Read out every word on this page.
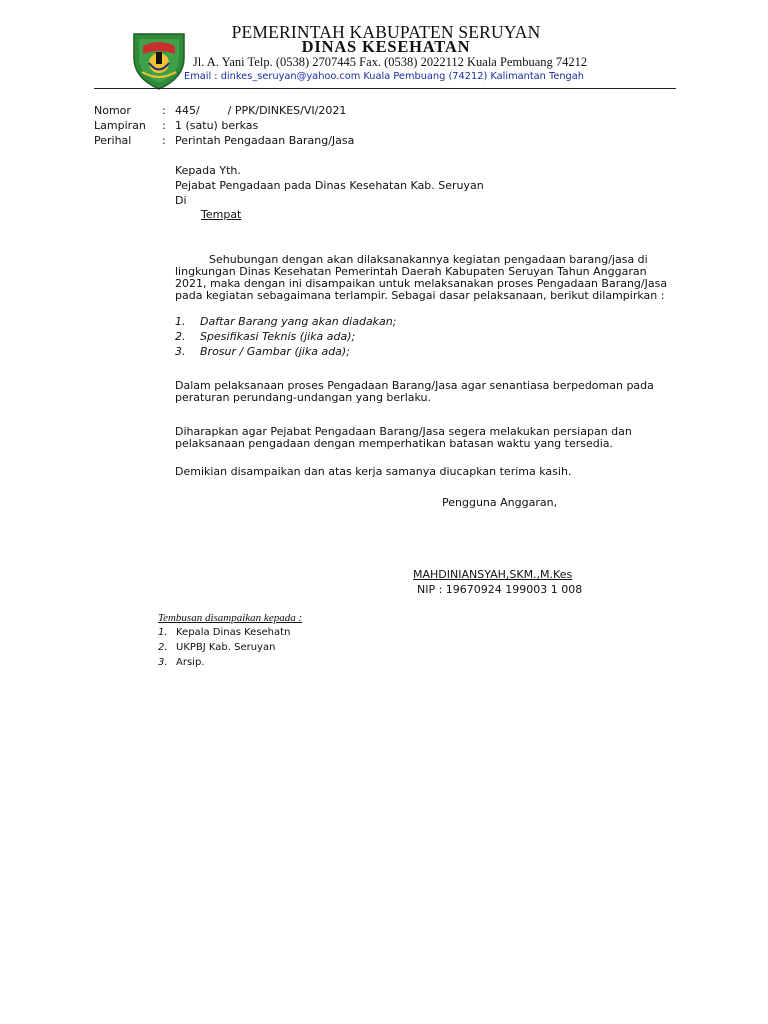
PEMERINTAH KABUPATEN SERUYAN
DINAS KESEHATAN
Jl. A. Yani Telp. (0538) 2707445 Fax. (0538) 2022112 Kuala Pembuang 74212
Email : dinkes_seruyan@yahoo.com Kuala Pembuang (74212) Kalimantan Tengah
Nomor	: 445/        / PPK/DINKES/VI/2021
Lampiran	: 1 (satu) berkas
Perihal	: Perintah Pengadaan Barang/Jasa
Kepada Yth.
Pejabat Pengadaan pada Dinas Kesehatan Kab. Seruyan
Di
Tempat
Sehubungan dengan akan dilaksanakannya kegiatan pengadaan barang/jasa di
lingkungan Dinas Kesehatan Pemerintah Daerah Kabupaten Seruyan Tahun Anggaran
2021, maka dengan ini disampaikan untuk melaksanakan proses Pengadaan Barang/Jasa
pada kegiatan sebagaimana terlampir. Sebagai dasar pelaksanaan, berikut dilampirkan :
1. Daftar Barang yang akan diadakan;
2. Spesifikasi Teknis (jika ada);
3. Brosur / Gambar (jika ada);
Dalam pelaksanaan proses Pengadaan Barang/Jasa agar senantiasa berpedoman pada
peraturan perundang-undangan yang berlaku.
Diharapkan agar Pejabat Pengadaan Barang/Jasa segera melakukan persiapan dan
pelaksanaan pengadaan dengan memperhatikan batasan waktu yang tersedia.
Demikian disampaikan dan atas kerja samanya diucapkan terima kasih.
Pengguna Anggaran,
MAHDINIANSYAH,SKM.,M.Kes
NIP : 19670924 199003 1 008
Tembusan disampaikan kepada :
1. Kepala Dinas Kesehatn
2. UKPBJ Kab. Seruyan
3. Arsip.
